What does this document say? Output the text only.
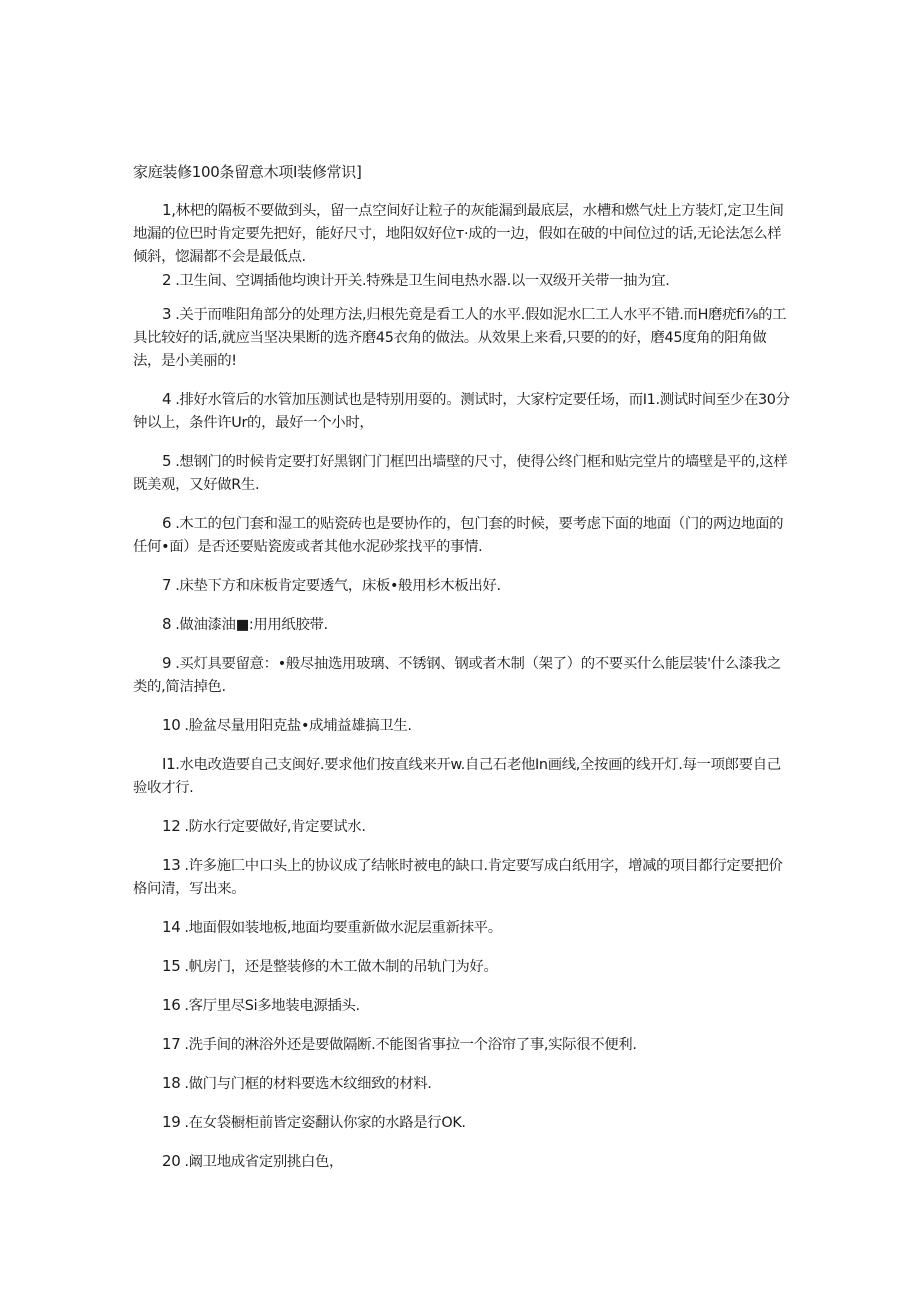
家庭装修100条留意木项I装修常识]
1,林杷的隔板不要做到头，留一点空间好让粒子的灰能漏到最底层，水槽和燃气灶上方装灯,定卫生间地漏的位巴时肯定要先把好，能好尺寸，地阳奴好位т·成的一边，假如在破的中间位过的话,无论法怎么样倾斜，惚漏都不会是最低点.
2 .卫生间、空调插他均谀计开关.特殊是卫生间电热水器.以一双级开关带一抽为宜.
3 .关于而唯阳角部分的处理方法,归根先竟是看工人的水平.假如泥水匚工人水平不错.而H磨疣fi⅞的工具比较好的话,就应当坚决果断的选齐磨45衣角的做法。从效果上来看,只要的的好，磨45度角的阳角做法，是小美丽的!
4 .排好水管后的水管加压测试也是特别用耍的。测试时，大家柠定要任场，而I1.测试时间至少在30分钟以上，条件许Ur的，最好一个小时，
5 .想钢门的时候肯定要打好黑钢门门框凹出墙壁的尺寸，使得公终门框和贴完堂片的墙壁是平的,这样既美观，又好做R生.
6 .木工的包门套和湿工的贴瓷砖也是要协作的，包门套的时候，要考虑下面的地面（门的两边地面的任何•面）是否还要贴瓷废或者其他水泥砂浆找平的事情.
7 .床垫下方和床板肯定要透气，床板•般用杉木板出好.
8 .做油漆油■:用用纸胶带.
9 .买灯具要留意：•般尽抽选用玻璃、不锈钢、钢或者木制（架了）的不要买什么能层装'什么漆我之类的,简洁掉色.
10 .脸盆尽量用阳克盐•成埔益雄搞卫生.
I1.水电改造要自己支闽好.要求他们按直线来开w.自己石老他In画线,全按画的线开灯.每一项郎要自己验收才行.
12 .防水行定要做好,肯定要试水.
13 .许多施匚中口头上的协议成了结帐时被电的缺口.肯定要写成白纸用字，增减的项目都行定要把价格问清，写出来。
14 .地面假如装地板,地面均要重新做水泥层重新抹平。
15 .帆房门，还是整装修的木工做木制的吊轨门为好。
16 .客厅里尽Si多地装电源插头.
17 .洗手间的淋浴外还是要做隔断.不能图省事拉一个浴帘了事,实际很不便利.
18 .做门与门框的材料要选木纹细致的材料.
19 .在女袋橱柜前皆定姿翻认你家的水路是行OK.
20 .阚卫地成省定别挑白色，
